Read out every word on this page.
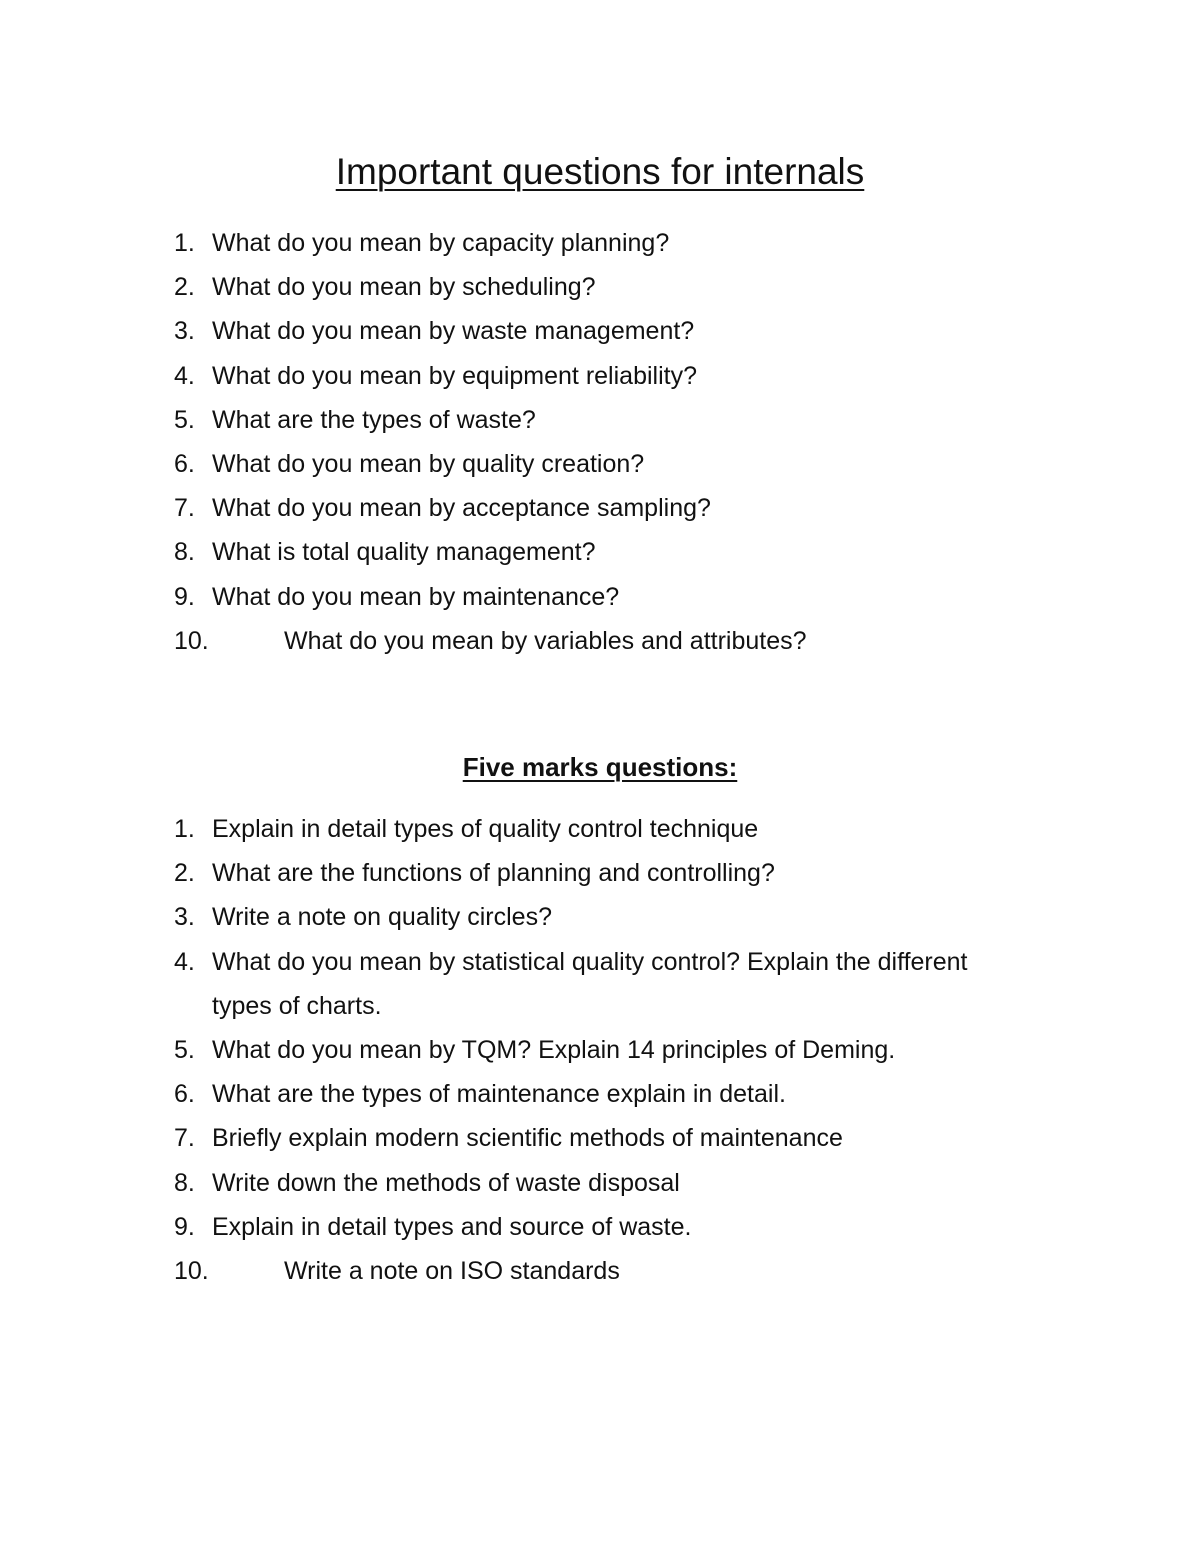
Important questions for internals
1. What do you mean by capacity planning?
2. What do you mean by scheduling?
3. What do you mean by waste management?
4. What do you mean by equipment reliability?
5. What are the types of waste?
6. What do you mean by quality creation?
7. What do you mean by acceptance sampling?
8. What is total quality management?
9. What do you mean by maintenance?
10.	What do you mean by variables and attributes?
Five marks questions:
1. Explain in detail types of quality control technique
2. What are the functions of planning and controlling?
3. Write a note on quality circles?
4. What do you mean by statistical quality control? Explain the different types of charts.
5. What do you mean by TQM? Explain 14 principles of Deming.
6. What are the types of maintenance explain in detail.
7. Briefly explain modern scientific methods of maintenance
8. Write down the methods of waste disposal
9. Explain in detail types and source of waste.
10.	Write a note on ISO standards
